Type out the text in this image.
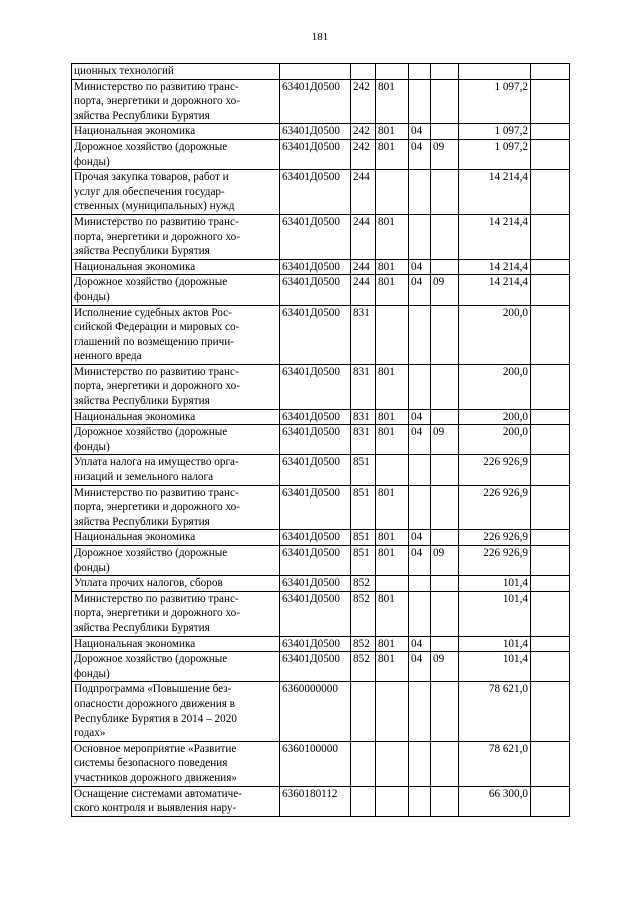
181
ционных технологий							
Министерство по развитию транс-
порта, энергетики и дорожного хо-
зяйства Республики Бурятия	63401Д0500	242	801			1 097,2	
Национальная экономика	63401Д0500	242	801	04		1 097,2	
Дорожное хозяйство (дорожные
фонды)	63401Д0500	242	801	04	09	1 097,2	
Прочая закупка товаров, работ и
услуг для обеспечения государ-
ственных (муниципальных) нужд	63401Д0500	244				14 214,4	
Министерство по развитию транс-
порта, энергетики и дорожного хо-
зяйства Республики Бурятия	63401Д0500	244	801			14 214,4	
Национальная экономика	63401Д0500	244	801	04		14 214,4	
Дорожное хозяйство (дорожные
фонды)	63401Д0500	244	801	04	09	14 214,4	
Исполнение судебных актов Рос-
сийской Федерации и мировых со-
глашений по возмещению причи-
ненного вреда	63401Д0500	831				200,0	
Министерство по развитию транс-
порта, энергетики и дорожного хо-
зяйства Республики Бурятия	63401Д0500	831	801			200,0	
Национальная экономика	63401Д0500	831	801	04		200,0	
Дорожное хозяйство (дорожные
фонды)	63401Д0500	831	801	04	09	200,0	
Уплата налога на имущество орга-
низаций и земельного налога	63401Д0500	851				226 926,9	
Министерство по развитию транс-
порта, энергетики и дорожного хо-
зяйства Республики Бурятия	63401Д0500	851	801			226 926,9	
Национальная экономика	63401Д0500	851	801	04		226 926,9	
Дорожное хозяйство (дорожные
фонды)	63401Д0500	851	801	04	09	226 926,9	
Уплата прочих налогов, сборов	63401Д0500	852				101,4	
Министерство по развитию транс-
порта, энергетики и дорожного хо-
зяйства Республики Бурятия	63401Д0500	852	801			101,4	
Национальная экономика	63401Д0500	852	801	04		101,4	
Дорожное хозяйство (дорожные
фонды)	63401Д0500	852	801	04	09	101,4	
Подпрограмма «Повышение без-
опасности дорожного движения в
Республике Бурятия в 2014 – 2020
годах»	6360000000					78 621,0	
Основное мероприятие «Развитие
системы безопасного поведения
участников дорожного движения»	6360100000					78 621,0	
Оснащение системами автоматиче-
ского контроля и выявления нару-	6360180112					66 300,0	
